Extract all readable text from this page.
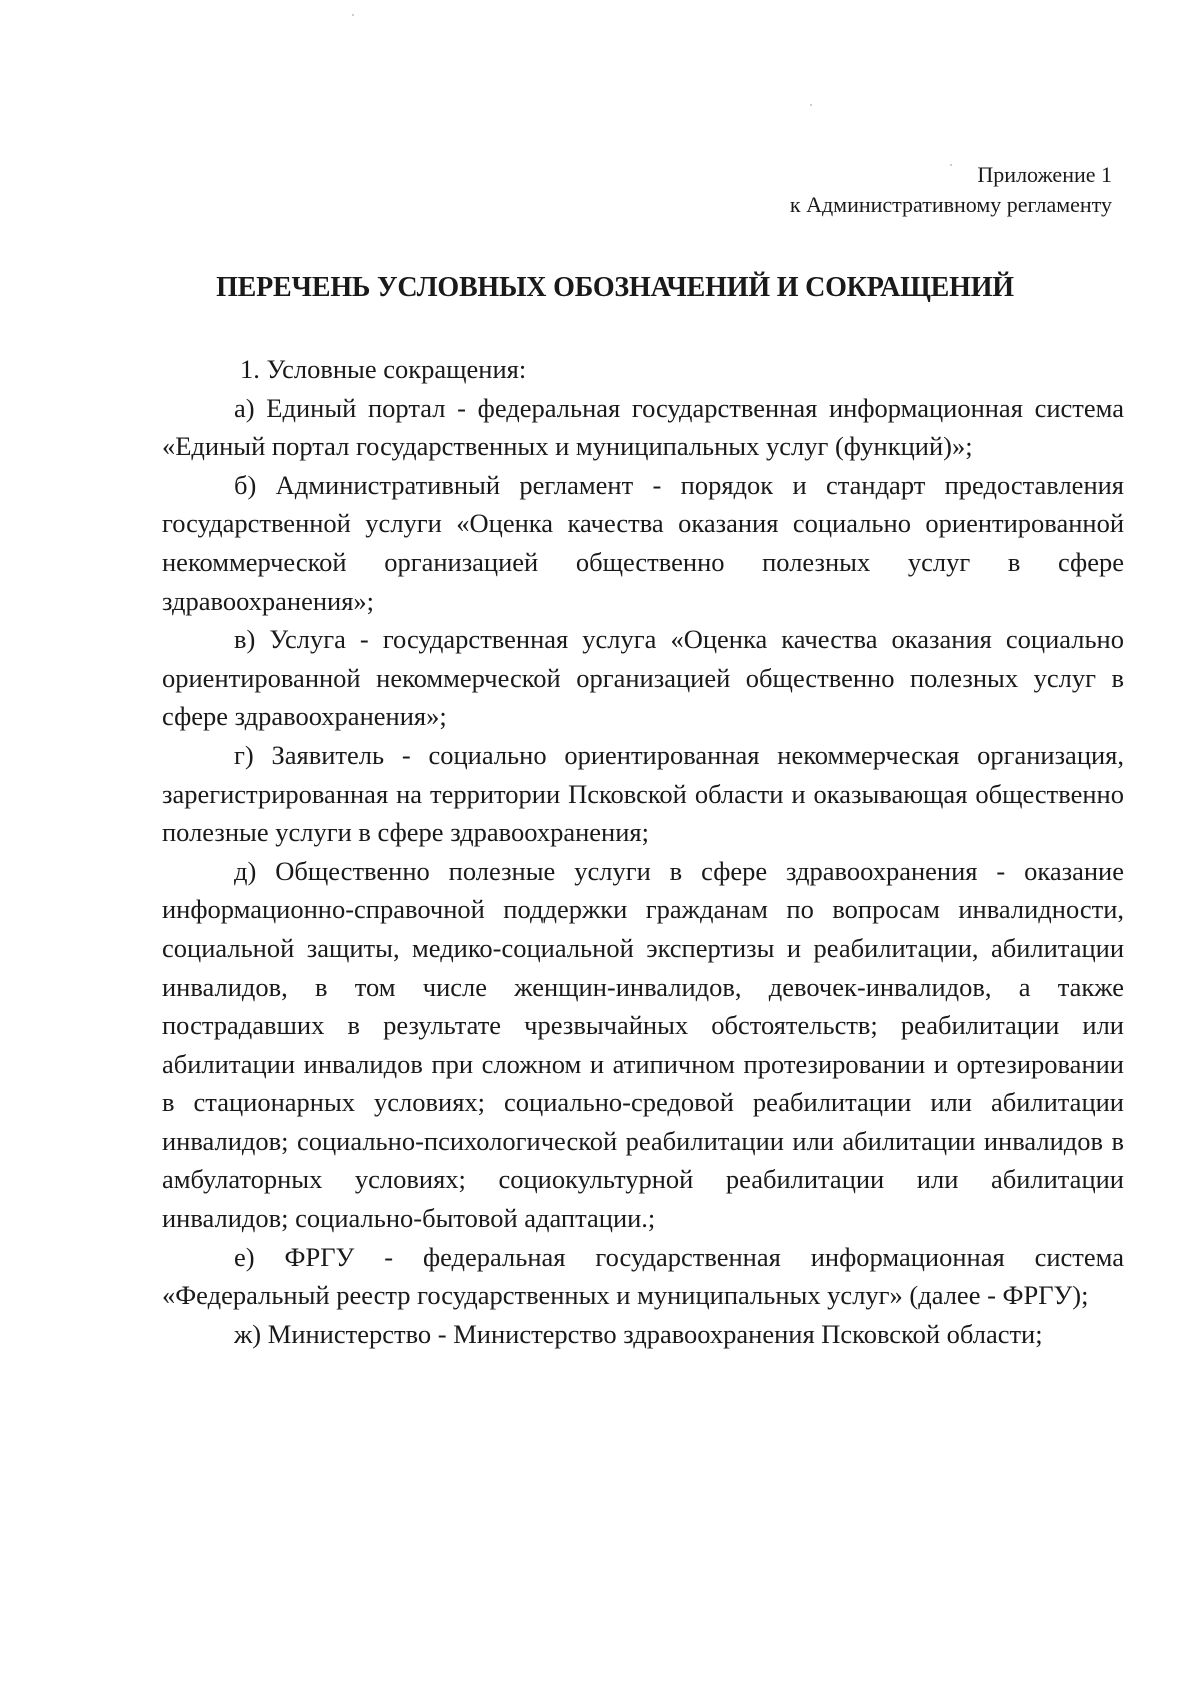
Приложение 1
к Административному регламенту
ПЕРЕЧЕНЬ УСЛОВНЫХ ОБОЗНАЧЕНИЙ И СОКРАЩЕНИЙ

1. Условные сокращения:

а) Единый портал - федеральная государственная информационная система «Единый портал государственных и муниципальных услуг (функций)»;

б) Административный регламент - порядок и стандарт предоставления государственной услуги «Оценка качества оказания социально ориентированной некоммерческой организацией общественно полезных услуг в сфере здравоохранения»;

в) Услуга - государственная услуга «Оценка качества оказания социально ориентированной некоммерческой организацией общественно полезных услуг в сфере здравоохранения»;

г) Заявитель - социально ориентированная некоммерческая организация, зарегистрированная на территории Псковской области и оказывающая общественно полезные услуги в сфере здравоохранения;

д) Общественно полезные услуги в сфере здравоохранения - оказание информационно-справочной поддержки гражданам по вопросам инвалидности, социальной защиты, медико-социальной экспертизы и реабилитации, абилитации инвалидов, в том числе женщин-инвалидов, девочек-инвалидов, а также пострадавших в результате чрезвычайных обстоятельств; реабилитации или абилитации инвалидов при сложном и атипичном протезировании и ортезировании в стационарных условиях; социально-средовой реабилитации или абилитации инвалидов; социально-психологической реабилитации или абилитации инвалидов в амбулаторных условиях; социокультурной реабилитации или абилитации инвалидов; социально-бытовой адаптации.;

е) ФРГУ - федеральная государственная информационная система «Федеральный реестр государственных и муниципальных услуг» (далее - ФРГУ);

ж) Министерство - Министерство здравоохранения Псковской области;
